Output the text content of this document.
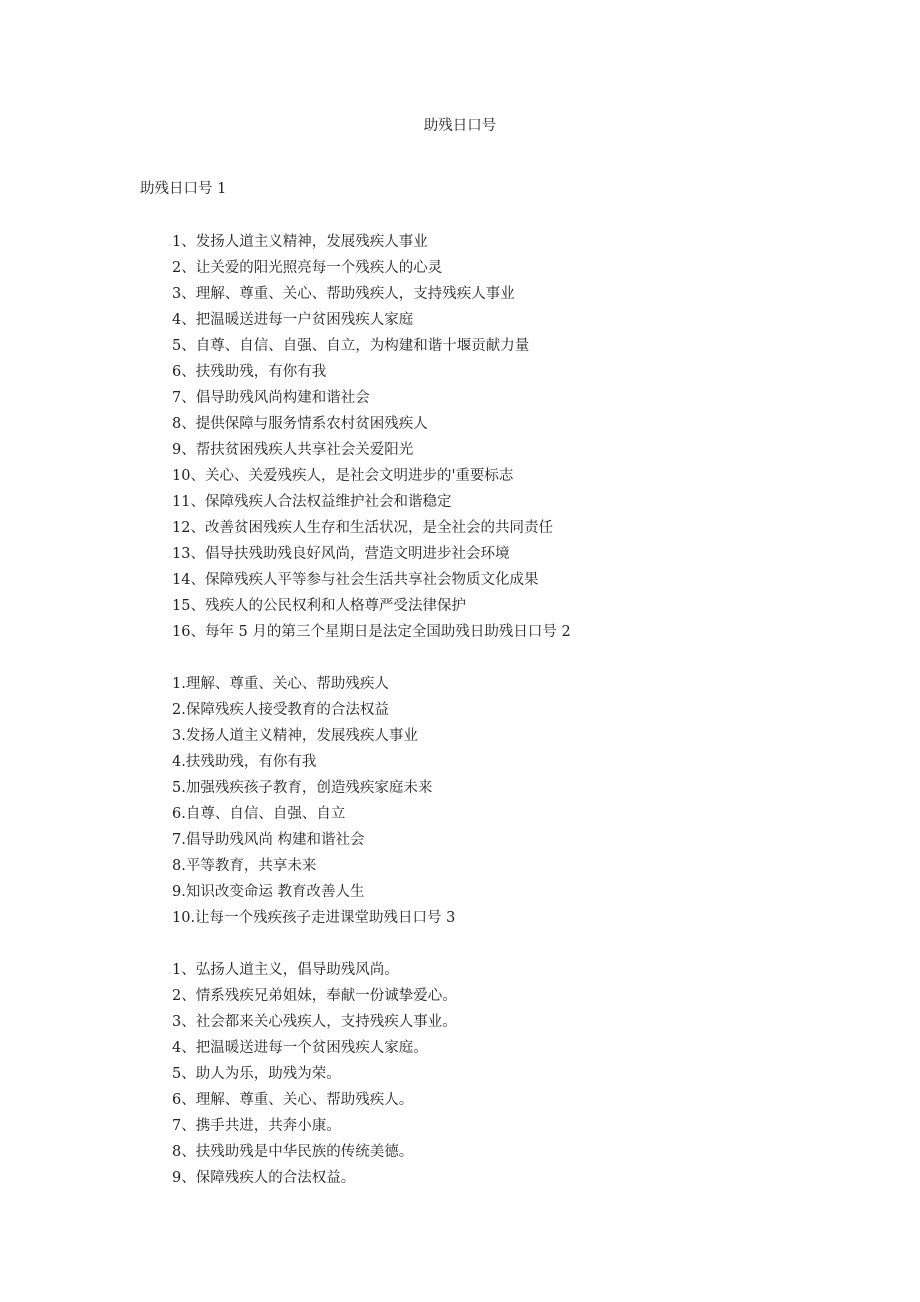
助残日口号
助残日口号 1
1、发扬人道主义精神，发展残疾人事业
2、让关爱的阳光照亮每一个残疾人的心灵
3、理解、尊重、关心、帮助残疾人，支持残疾人事业
4、把温暖送进每一户贫困残疾人家庭
5、自尊、自信、自强、自立，为构建和谐十堰贡献力量
6、扶残助残，有你有我
7、倡导助残风尚构建和谐社会
8、提供保障与服务情系农村贫困残疾人
9、帮扶贫困残疾人共享社会关爱阳光
10、关心、关爱残疾人，是社会文明进步的'重要标志
11、保障残疾人合法权益维护社会和谐稳定
12、改善贫困残疾人生存和生活状况，是全社会的共同责任
13、倡导扶残助残良好风尚，营造文明进步社会环境
14、保障残疾人平等参与社会生活共享社会物质文化成果
15、残疾人的公民权利和人格尊严受法律保护
16、每年 5 月的第三个星期日是法定全国助残日助残日口号 2
1.理解、尊重、关心、帮助残疾人
2.保障残疾人接受教育的合法权益
3.发扬人道主义精神，发展残疾人事业
4.扶残助残，有你有我
5.加强残疾孩子教育，创造残疾家庭未来
6.自尊、自信、自强、自立
7.倡导助残风尚 构建和谐社会
8.平等教育，共享未来
9.知识改变命运 教育改善人生
10.让每一个残疾孩子走进课堂助残日口号 3
1、弘扬人道主义，倡导助残风尚。
2、情系残疾兄弟姐妹，奉献一份诚挚爱心。
3、社会都来关心残疾人，支持残疾人事业。
4、把温暖送进每一个贫困残疾人家庭。
5、助人为乐，助残为荣。
6、理解、尊重、关心、帮助残疾人。
7、携手共进，共奔小康。
8、扶残助残是中华民族的传统美德。
9、保障残疾人的合法权益。
